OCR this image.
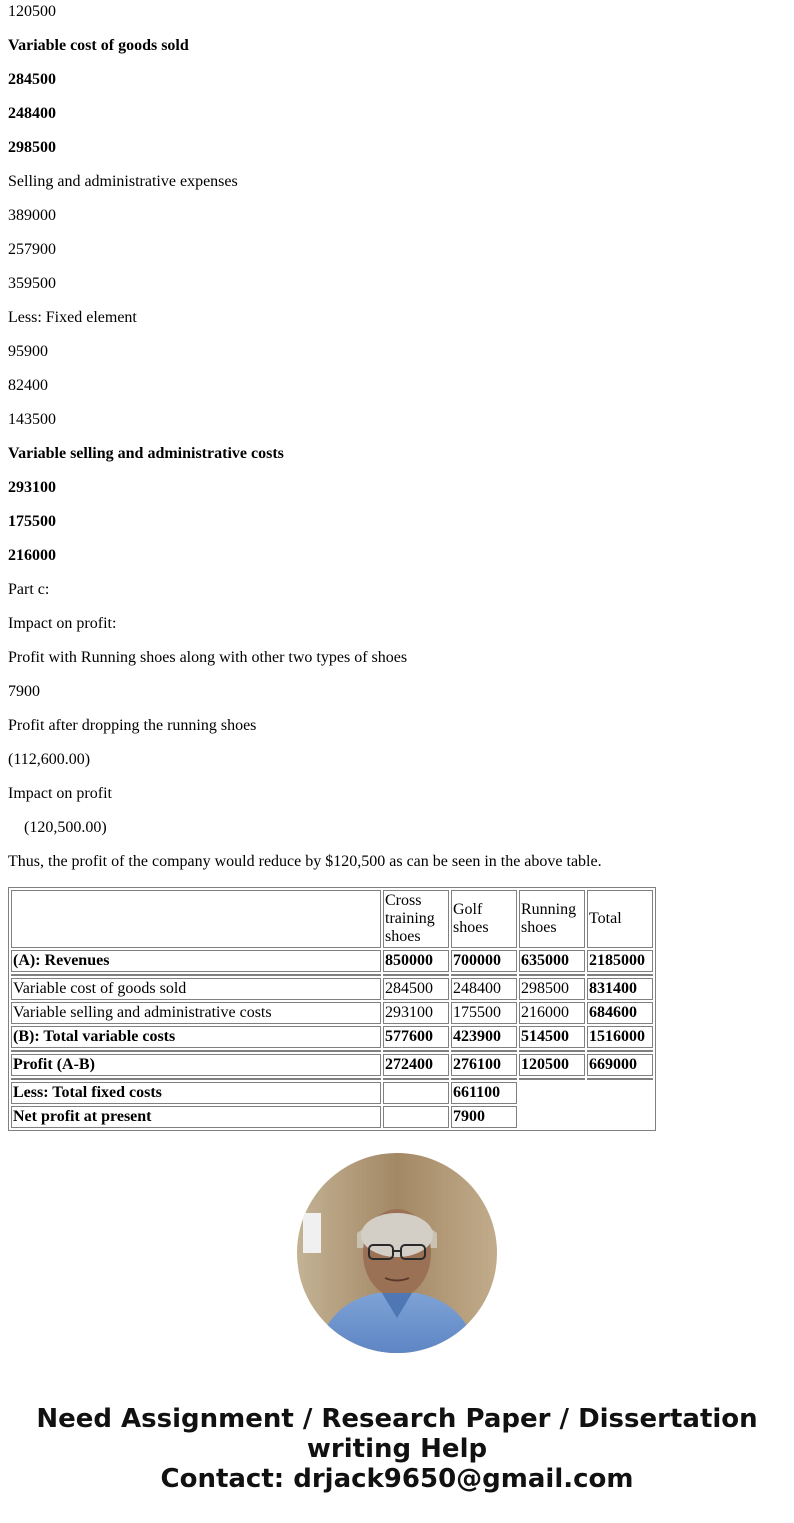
120500
Variable cost of goods sold
284500
248400
298500
Selling and administrative expenses
389000
257900
359500
Less: Fixed element
95900
82400
143500
Variable selling and administrative costs
293100
175500
216000
Part c:
Impact on profit:
Profit with Running shoes along with other two types of shoes
7900
Profit after dropping the running shoes
(112,600.00)
Impact on profit
(120,500.00)
Thus, the profit of the company would reduce by $120,500 as can be seen in the above table.
	Cross training shoes	Golf shoes	Running shoes	Total
(A): Revenues	850000	700000	635000	2185000

Variable cost of goods sold	284500	248400	298500	831400
Variable selling and administrative costs	293100	175500	216000	684600
(B): Total variable costs	577600	423900	514500	1516000

Profit (A-B)	272400	276100	120500	669000

Less: Total fixed costs		661100		
Net profit at present		7900		
Need Assignment / Research Paper / Dissertation
writing Help
Contact: drjack9650@gmail.com
